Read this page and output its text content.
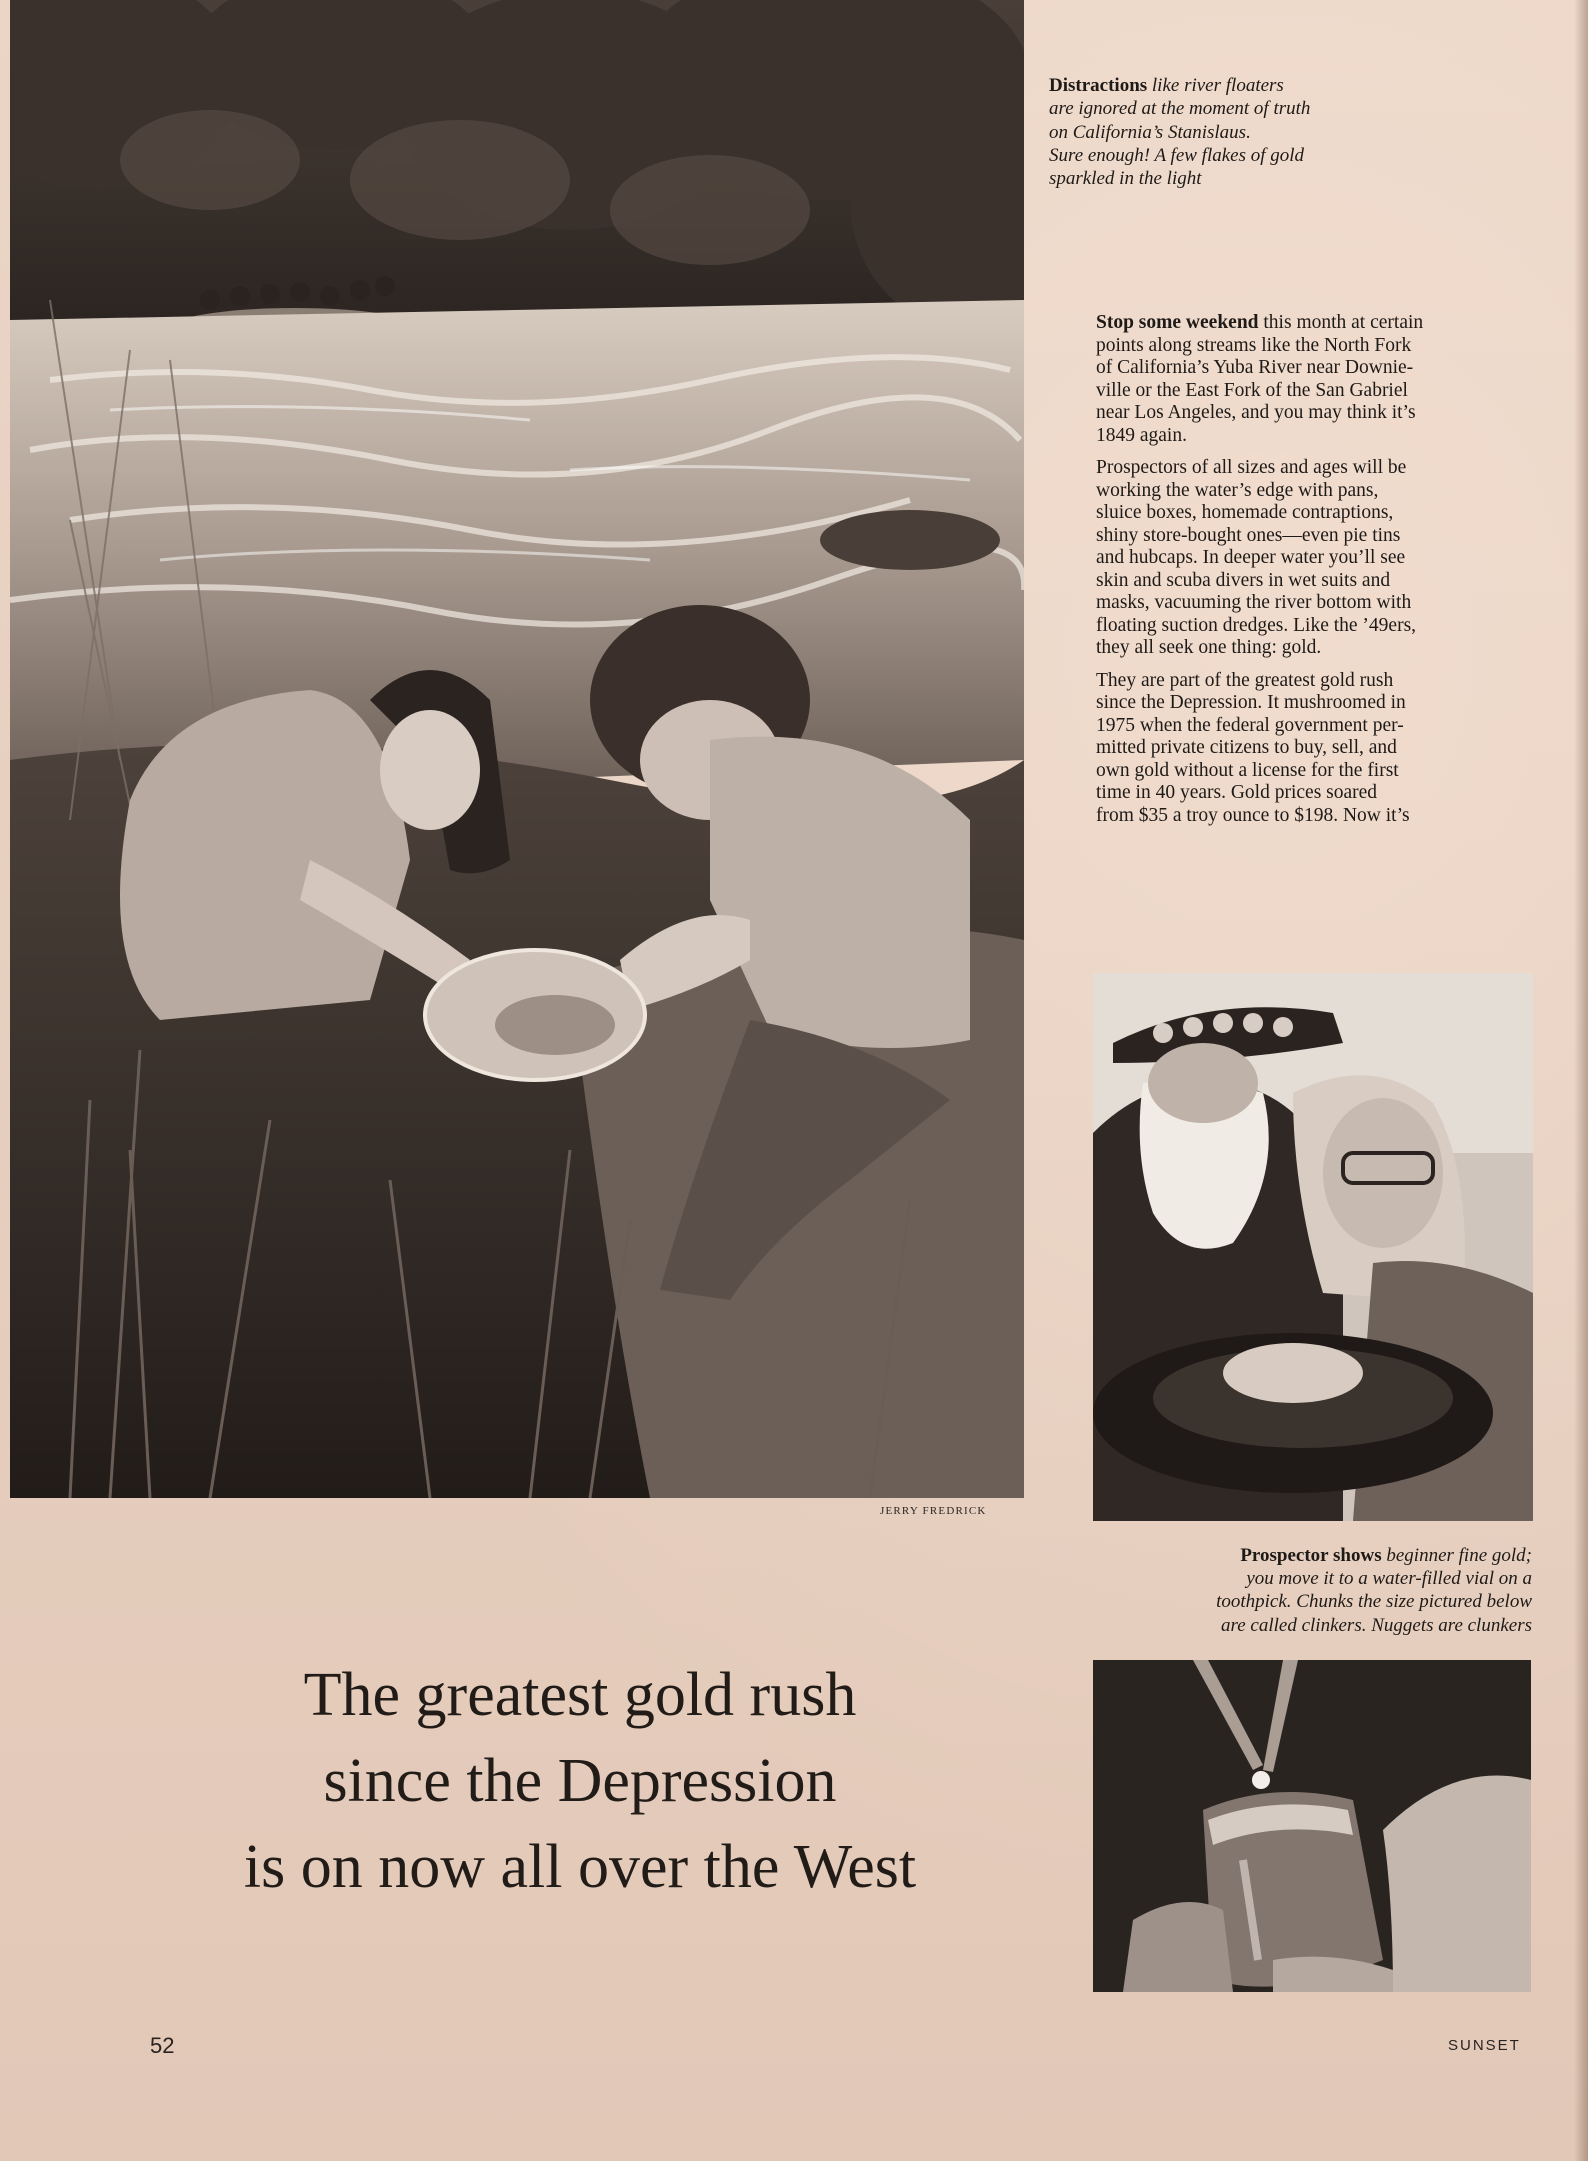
JERRY FREDRICK
Distractions like river floaters
are ignored at the moment of truth
on California’s Stanislaus.
Sure enough! A few flakes of gold
sparkled in the light

Stop some weekend this month at certain
points along streams like the North Fork
of California’s Yuba River near Downie-
ville or the East Fork of the San Gabriel
near Los Angeles, and you may think it’s
1849 again.

Prospectors of all sizes and ages will be
working the water’s edge with pans,
sluice boxes, homemade contraptions,
shiny store-bought ones—even pie tins
and hubcaps. In deeper water you’ll see
skin and scuba divers in wet suits and
masks, vacuuming the river bottom with
floating suction dredges. Like the ’49ers,
they all seek one thing: gold.

They are part of the greatest gold rush
since the Depression. It mushroomed in
1975 when the federal government per-
mitted private citizens to buy, sell, and
own gold without a license for the first
time in 40 years. Gold prices soared
from $35 a troy ounce to $198. Now it’s

Prospector shows beginner fine gold;
you move it to a water-filled vial on a
toothpick. Chunks the size pictured below
are called clinkers. Nuggets are clunkers
The greatest gold rush
since the Depression
is on now all over the West
52	SUNSET
